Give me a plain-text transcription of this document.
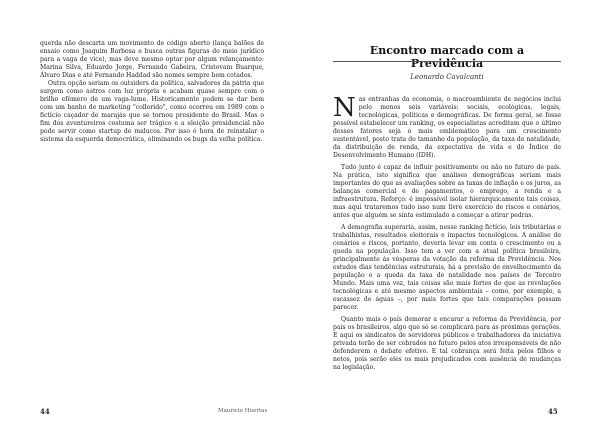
querda não descarta um movimento de código aberto (lança balões de ensaio como Joaquim Barbosa e busca outras figuras do meio jurídico para a vaga de vice), mas deve mesmo optar por algum relançamento: Marina Silva, Eduardo Jorge, Fernando Gabeira, Cristovam Buarque, Álvaro Dias e até Fernando Haddad são nomes sempre bem cotados.

Outra opção seriam os outsiders da política, salvadores da pátria que surgem como astros com luz própria e acabam quase sempre com o brilho efêmero de um vaga-lume. Historicamente podem se dar bem com um banho de marketing "collorido", como ocorreu em 1989 com o fictício caçador de marajás que se tornou presidente do Brasil. Mas o fim dos aventureiros costuma ser trágico e a eleição presidencial não pode servir como startup de malucos. Por isso é hora de reinstalar o sistema da esquerda democrática, eliminando os bugs da velha política.

44	Mauricio Huertas
Encontro marcado com a Previdência
Leonardo Cavalcanti

Nas entranhas da economia, o macroambiente de negócios inclui pelo menos seis variáveis: sociais, ecológicas, legais, tecnológicas, políticas e demográficas. De forma geral, se fosse possível estabelecer um ranking, os especialistas acreditam que o último desses fatores seja o mais emblemático para um crescimento sustentável, posto trata do tamanho da população, da taxa de natalidade, da distribuição de renda, da expectativa de vida e do Índice de Desenvolvimento Humano (IDH).

Tudo junto é capaz de influir positivamente ou não no futuro de país. Na prática, isto significa que análises demográficas seriam mais importantes do que as avaliações sobre as taxas de inflação e os juros, as balanças comercial e de pagamentos, o emprego, a renda e a infraestrutura. Reforço: é impossível isolar hierarquicamente tais coisas, mas aqui trataremos tudo isso num livre exercício de riscos e cenários, antes que alguém se sinta estimulado a começar a atirar pedras.

A demografia superaria, assim, nesse ranking fictício, leis tributárias e trabalhistas, resultados eleitorais e impactos tecnológicos. A análise de cenários e riscos, portanto, deveria levar em conta o crescimento ou a queda na população. Isso tem a ver com a atual política brasileira, principalmente às vésperas da votação da reforma da Previdência. Nos estudos dias tendências estruturais, há a previsão de envelhecimento da população e a queda da taxa de natalidade nos países de Terceiro Mundo. Mais uma vez, tais coisas são mais fortes do que as revoluções tecnológicas e até mesmo aspectos ambientais – como, por exemplo, a escassez de águas –, por mais fortes que tais comparações possam parecer.

Quanto mais o país demorar a encarar a reforma da Previdência, por pais os brasileiros, algo que só se complicará para as próximas gerações. E aqui os sindicatos de servidores públicos e trabalhadores da iniciativa privada terão de ser cobrados no futuro pelos atos irresponsáveis de não defenderem o debate efetivo. E tal cobrança será feita pelos filhos e netos, pois serão eles os mais prejudicados com ausência de mudanças na legislação.

45
